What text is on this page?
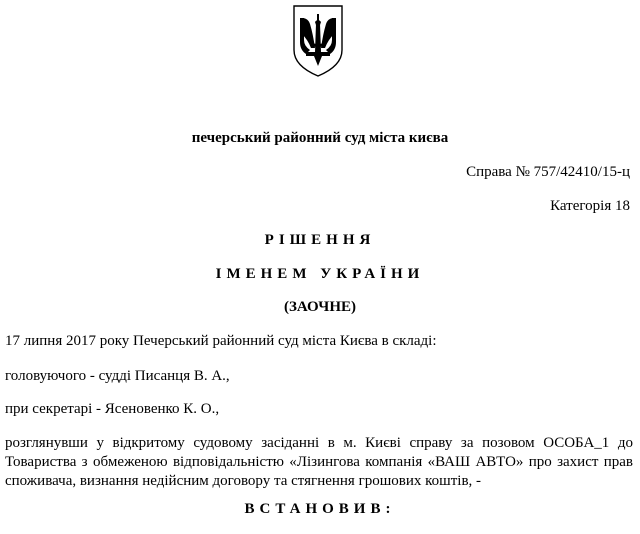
печерський районний суд міста києва
Справа № 757/42410/15-ц
Категорія 18
РІШЕННЯ
ІМЕНЕМ УКРАЇНИ
(ЗАОЧНЕ)
17 липня 2017 року Печерський районний суд міста Києва в складі:
головуючого - судді Писанця В. А.,
при секретарі - Ясеновенко К. О.,
розглянувши у відкритому судовому засіданні в м. Києві справу за позовом ОСОБА_1 до Товариства з обмеженою відповідальністю «Лізингова компанія «ВАШ АВТО» про захист прав споживача, визнання недійсним договору та стягнення грошових коштів, -
ВСТАНОВИВ:
